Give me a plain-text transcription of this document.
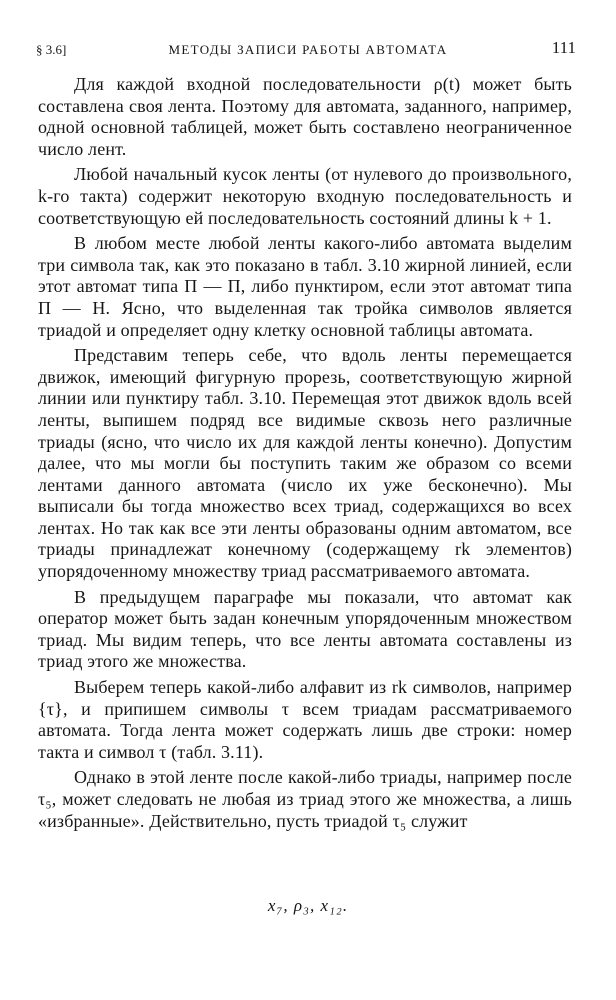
§ 3.6]	МЕТОДЫ ЗАПИСИ РАБОТЫ АВТОМАТА	111

Для каждой входной последовательности ρ(t) может быть составлена своя лента. Поэтому для автомата, заданного, например, одной основной таблицей, может быть составлено неограниченное число лент.

Любой начальный кусок ленты (от нулевого до произвольного, k-го такта) содержит некоторую входную последовательность и соответствующую ей последовательность состояний длины k + 1.

В любом месте любой ленты какого-либо автомата выделим три символа так, как это показано в табл. 3.10 жирной линией, если этот автомат типа П — П, либо пунктиром, если этот автомат типа П — Н. Ясно, что выделенная так тройка символов является триадой и определяет одну клетку основной таблицы автомата.

Представим теперь себе, что вдоль ленты перемещается движок, имеющий фигурную прорезь, соответствующую жирной линии или пунктиру табл. 3.10. Перемещая этот движок вдоль всей ленты, выпишем подряд все видимые сквозь него различные триады (ясно, что число их для каждой ленты конечно). Допустим далее, что мы могли бы поступить таким же образом со всеми лентами данного автомата (число их уже бесконечно). Мы выписали бы тогда множество всех триад, содержащихся во всех лентах. Но так как все эти ленты образованы одним автоматом, все триады принадлежат конечному (содержащему rk элементов) упорядоченному множеству триад рассматриваемого автомата.

В предыдущем параграфе мы показали, что автомат как оператор может быть задан конечным упорядоченным множеством триад. Мы видим теперь, что все ленты автомата составлены из триад этого же множества.

Выберем теперь какой-либо алфавит из rk символов, например {τ}, и припишем символы τ всем триадам рассматриваемого автомата. Тогда лента может содержать лишь две строки: номер такта и символ τ (табл. 3.11).

Однако в этой ленте после какой-либо триады, например после τ₅, может следовать не любая из триад этого же множества, а лишь «избранные». Действительно, пусть триадой τ₅ служит

x₇, ρ₃, x₁₂.
